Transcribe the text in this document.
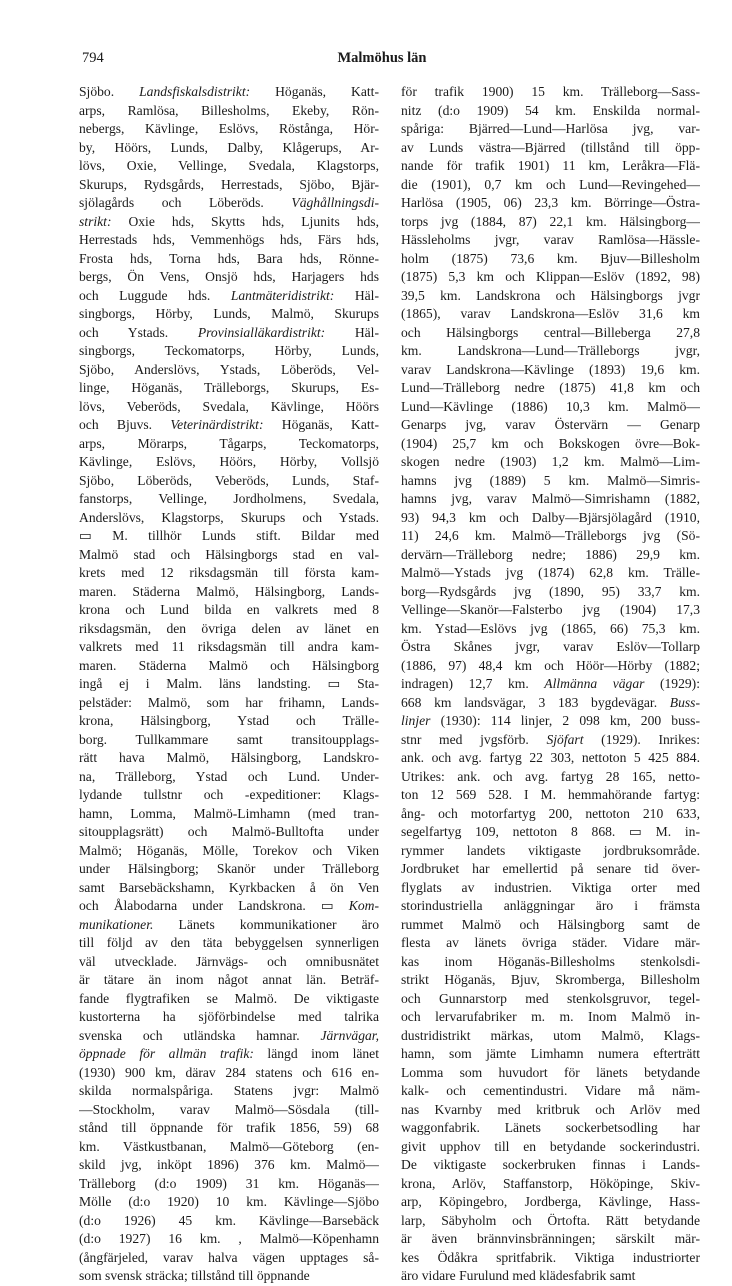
794	Malmöhus län
Sjöbo. Landsfiskalsdistrikt: Höganäs, Katt-
arps, Ramlösa, Billesholms, Ekeby, Rön-
nebergs, Kävlinge, Eslövs, Röstånga, Hör-
by, Höörs, Lunds, Dalby, Klågerups, Ar-
lövs, Oxie, Vellinge, Svedala, Klagstorps,
Skurups, Rydsgårds, Herrestads, Sjöbo, Bjär-
sjölagårds och Löberöds. Väghållningsdi-
strikt: Oxie hds, Skytts hds, Ljunits hds,
Herrestads hds, Vemmenhögs hds, Färs hds,
Frosta hds, Torna hds, Bara hds, Rönne-
bergs, Ön Vens, Onsjö hds, Harjagers hds
och Luggude hds. Lantmäteridistrikt: Häl-
singborgs, Hörby, Lunds, Malmö, Skurups
och Ystads. Provinsialläkardistrikt: Häl-
singborgs, Teckomatorps, Hörby, Lunds,
Sjöbo, Anderslövs, Ystads, Löberöds, Vel-
linge, Höganäs, Trälleborgs, Skurups, Es-
lövs, Veberöds, Svedala, Kävlinge, Höörs
och Bjuvs. Veterinärdistrikt: Höganäs, Katt-
arps, Mörarps, Tågarps, Teckomatorps,
Kävlinge, Eslövs, Höörs, Hörby, Vollsjö
Sjöbo, Löberöds, Veberöds, Lunds, Staf-
fanstorps, Vellinge, Jordholmens, Svedala,
Anderslövs, Klagstorps, Skurups och Ystads.
▭ M. tillhör Lunds stift. Bildar med
Malmö stad och Hälsingborgs stad en val-
krets med 12 riksdagsmän till första kam-
maren. Städerna Malmö, Hälsingborg, Lands-
krona och Lund bilda en valkrets med 8
riksdagsmän, den övriga delen av länet en
valkrets med 11 riksdagsmän till andra kam-
maren. Städerna Malmö och Hälsingborg
ingå ej i Malm. läns landsting. ▭ Sta-
pelstäder: Malmö, som har frihamn, Lands-
krona, Hälsingborg, Ystad och Trälle-
borg. Tullkammare samt transitoupplags-
rätt hava Malmö, Hälsingborg, Landskro-
na, Trälleborg, Ystad och Lund. Under-
lydande tullstnr och -expeditioner: Klags-
hamn, Lomma, Malmö-Limhamn (med tran-
sitoupplagsrätt) och Malmö-Bulltofta under
Malmö; Höganäs, Mölle, Torekov och Viken
under Hälsingborg; Skanör under Trälleborg
samt Barsebäckshamn, Kyrkbacken å ön Ven
och Ålabodarna under Landskrona. ▭ Kom-
munikationer. Länets kommunikationer äro
till följd av den täta bebyggelsen synnerligen
väl utvecklade. Järnvägs- och omnibusnätet
är tätare än inom något annat län. Beträf-
fande flygtrafiken se Malmö. De viktigaste
kustorterna ha sjöförbindelse med talrika
svenska och utländska hamnar. Järnvägar,
öppnade för allmän trafik: längd inom länet
(1930) 900 km, därav 284 statens och 616 en-
skilda normalspåriga. Statens jvgr: Malmö
—Stockholm, varav Malmö—Sösdala (till-
stånd till öppnande för trafik 1856, 59) 68
km. Västkustbanan, Malmö—Göteborg (en-
skild jvg, inköpt 1896) 376 km. Malmö—
Trälleborg (d:o 1909) 31 km. Höganäs—
Mölle (d:o 1920) 10 km. Kävlinge—Sjöbo
(d:o 1926) 45 km. Kävlinge—Barsebäck
(d:o 1927) 16 km. , Malmö—Köpenhamn
(ångfärjeled, varav halva vägen upptages så-
som svensk sträcka; tillstånd till öppnande
för trafik 1900) 15 km. Trälleborg—Sass-
nitz (d:o 1909) 54 km. Enskilda normal-
spåriga: Bjärred—Lund—Harlösa jvg, var-
av Lunds västra—Bjärred (tillstånd till öpp-
nande för trafik 1901) 11 km, Leråkra—Flä-
die (1901), 0,7 km och Lund—Revingehed—
Harlösa (1905, 06) 23,3 km. Börringe—Östra-
torps jvg (1884, 87) 22,1 km. Hälsingborg—
Hässleholms jvgr, varav Ramlösa—Hässle-
holm (1875) 73,6 km. Bjuv—Billesholm
(1875) 5,3 km och Klippan—Eslöv (1892, 98)
39,5 km. Landskrona och Hälsingborgs jvgr
(1865), varav Landskrona—Eslöv 31,6 km
och Hälsingborgs central—Billeberga 27,8
km. Landskrona—Lund—Trälleborgs jvgr,
varav Landskrona—Kävlinge (1893) 19,6 km.
Lund—Trälleborg nedre (1875) 41,8 km och
Lund—Kävlinge (1886) 10,3 km. Malmö—
Genarps jvg, varav Östervärn — Genarp
(1904) 25,7 km och Bokskogen övre—Bok-
skogen nedre (1903) 1,2 km. Malmö—Lim-
hamns jvg (1889) 5 km. Malmö—Simris-
hamns jvg, varav Malmö—Simrishamn (1882,
93) 94,3 km och Dalby—Bjärsjölagård (1910,
11) 24,6 km. Malmö—Trälleborgs jvg (Sö-
dervärn—Trälleborg nedre; 1886) 29,9 km.
Malmö—Ystads jvg (1874) 62,8 km. Trälle-
borg—Rydsgårds jvg (1890, 95) 33,7 km.
Vellinge—Skanör—Falsterbo jvg (1904) 17,3
km. Ystad—Eslövs jvg (1865, 66) 75,3 km.
Östra Skånes jvgr, varav Eslöv—Tollarp
(1886, 97) 48,4 km och Höör—Hörby (1882;
indragen) 12,7 km. Allmänna vägar (1929):
668 km landsvägar, 3 183 bygdevägar. Buss-
linjer (1930): 114 linjer, 2 098 km, 200 buss-
stnr med jvgsförb. Sjöfart (1929). Inrikes:
ank. och avg. fartyg 22 303, nettoton 5 425 884.
Utrikes: ank. och avg. fartyg 28 165, netto-
ton 12 569 528. I M. hemmahörande fartyg:
ång- och motorfartyg 200, nettoton 210 633,
segelfartyg 109, nettoton 8 868. ▭ M. in-
rymmer landets viktigaste jordbruksområde.
Jordbruket har emellertid på senare tid över-
flyglats av industrien. Viktiga orter med
storindustriella anläggningar äro i främsta
rummet Malmö och Hälsingborg samt de
flesta av länets övriga städer. Vidare mär-
kas inom Höganäs-Billesholms stenkolsdi-
strikt Höganäs, Bjuv, Skromberga, Billesholm
och Gunnarstorp med stenkolsgruvor, tegel-
och lervarufabriker m. m. Inom Malmö in-
dustridistrikt märkas, utom Malmö, Klags-
hamn, som jämte Limhamn numera efterträtt
Lomma som huvudort för länets betydande
kalk- och cementindustri. Vidare må näm-
nas Kvarnby med kritbruk och Arlöv med
waggonfabrik. Länets sockerbetsodling har
givit upphov till en betydande sockerindustri.
De viktigaste sockerbruken finnas i Lands-
krona, Arlöv, Staffanstorp, Hököpinge, Skiv-
arp, Köpingebro, Jordberga, Kävlinge, Hass-
larp, Säbyholm och Örtofta. Rätt betydande
är även brännvinsbränningen; särskilt mär-
kes Ödåkra spritfabrik. Viktiga industriorter
äro vidare Furulund med klädesfabrik samt
